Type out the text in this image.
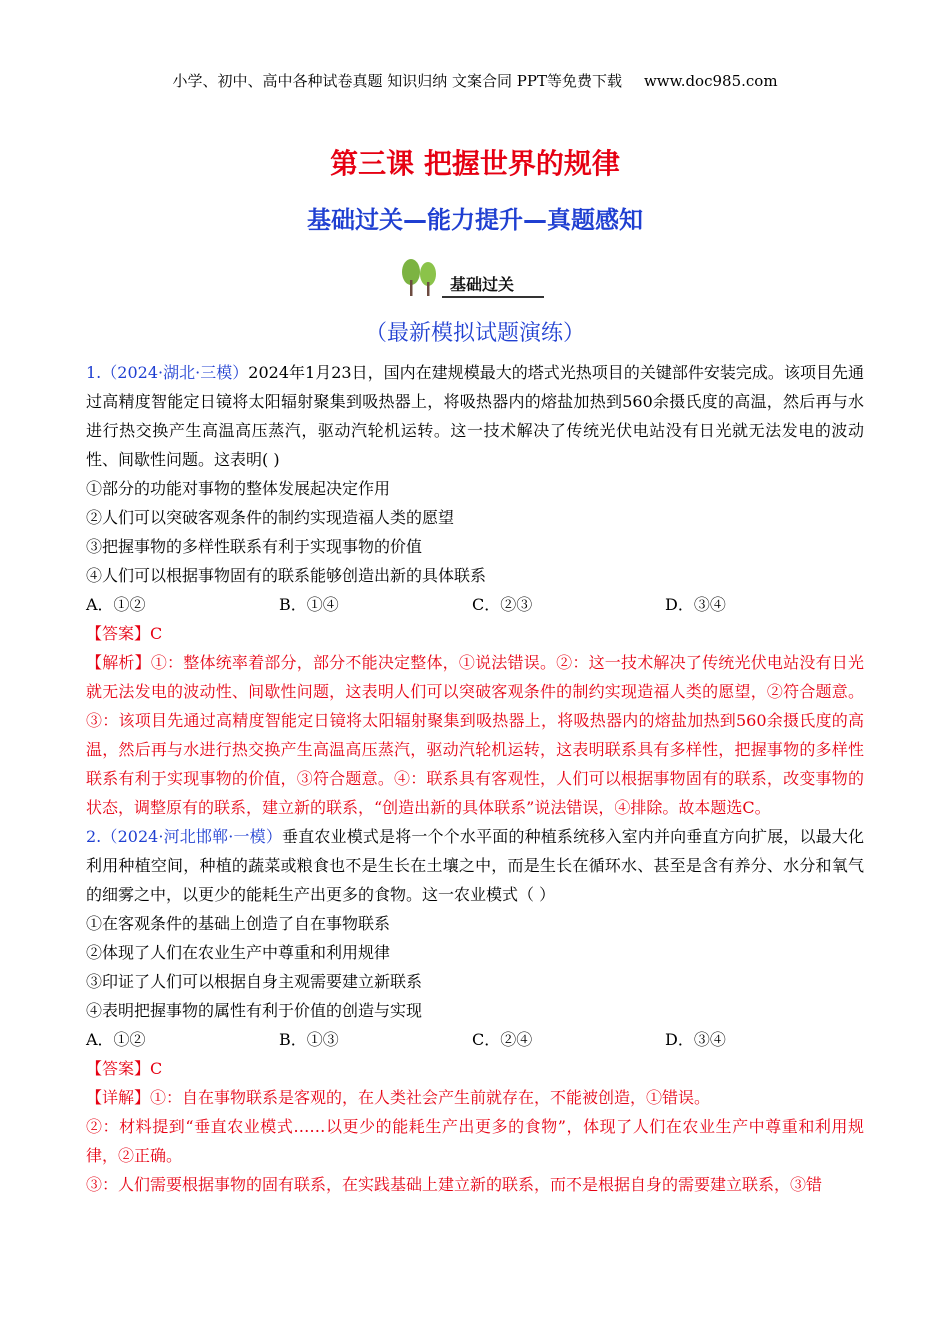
小学、初中、高中各种试卷真题 知识归纳 文案合同 PPT等免费下载 www.doc985.com
第三课 把握世界的规律
基础过关—能力提升—真题感知
基础过关
（最新模拟试题演练）

1.（2024·湖北·三模）2024年1月23日，国内在建规模最大的塔式光热项目的关键部件安装完成。该项目先通过高精度智能定日镜将太阳辐射聚集到吸热器上，将吸热器内的熔盐加热到560余摄氏度的高温，然后再与水进行热交换产生高温高压蒸汽，驱动汽轮机运转。这一技术解决了传统光伏电站没有日光就无法发电的波动性、间歇性问题。这表明( )

①部分的功能对事物的整体发展起决定作用

②人们可以突破客观条件的制约实现造福人类的愿望

③把握事物的多样性联系有利于实现事物的价值

④人们可以根据事物固有的联系能够创造出新的具体联系

A．①②	B．①④	C．②③	D．③④

【答案】C

【解析】①：整体统率着部分，部分不能决定整体，①说法错误。②：这一技术解决了传统光伏电站没有日光就无法发电的波动性、间歇性问题，这表明人们可以突破客观条件的制约实现造福人类的愿望，②符合题意。③：该项目先通过高精度智能定日镜将太阳辐射聚集到吸热器上，将吸热器内的熔盐加热到560余摄氏度的高温，然后再与水进行热交换产生高温高压蒸汽，驱动汽轮机运转，这表明联系具有多样性，把握事物的多样性联系有利于实现事物的价值，③符合题意。④：联系具有客观性，人们可以根据事物固有的联系，改变事物的状态，调整原有的联系，建立新的联系，“创造出新的具体联系”说法错误，④排除。故本题选C。

2.（2024·河北邯郸·一模）垂直农业模式是将一个个水平面的种植系统移入室内并向垂直方向扩展，以最大化利用种植空间，种植的蔬菜或粮食也不是生长在土壤之中，而是生长在循环水、甚至是含有养分、水分和氧气的细雾之中，以更少的能耗生产出更多的食物。这一农业模式（ ）

①在客观条件的基础上创造了自在事物联系

②体现了人们在农业生产中尊重和利用规律

③印证了人们可以根据自身主观需要建立新联系

④表明把握事物的属性有利于价值的创造与实现

A．①②	B．①③	C．②④	D．③④

【答案】C

【详解】①：自在事物联系是客观的，在人类社会产生前就存在，不能被创造，①错误。

②：材料提到“垂直农业模式……以更少的能耗生产出更多的食物”，体现了人们在农业生产中尊重和利用规律，②正确。

③：人们需要根据事物的固有联系，在实践基础上建立新的联系，而不是根据自身的需要建立联系，③错
